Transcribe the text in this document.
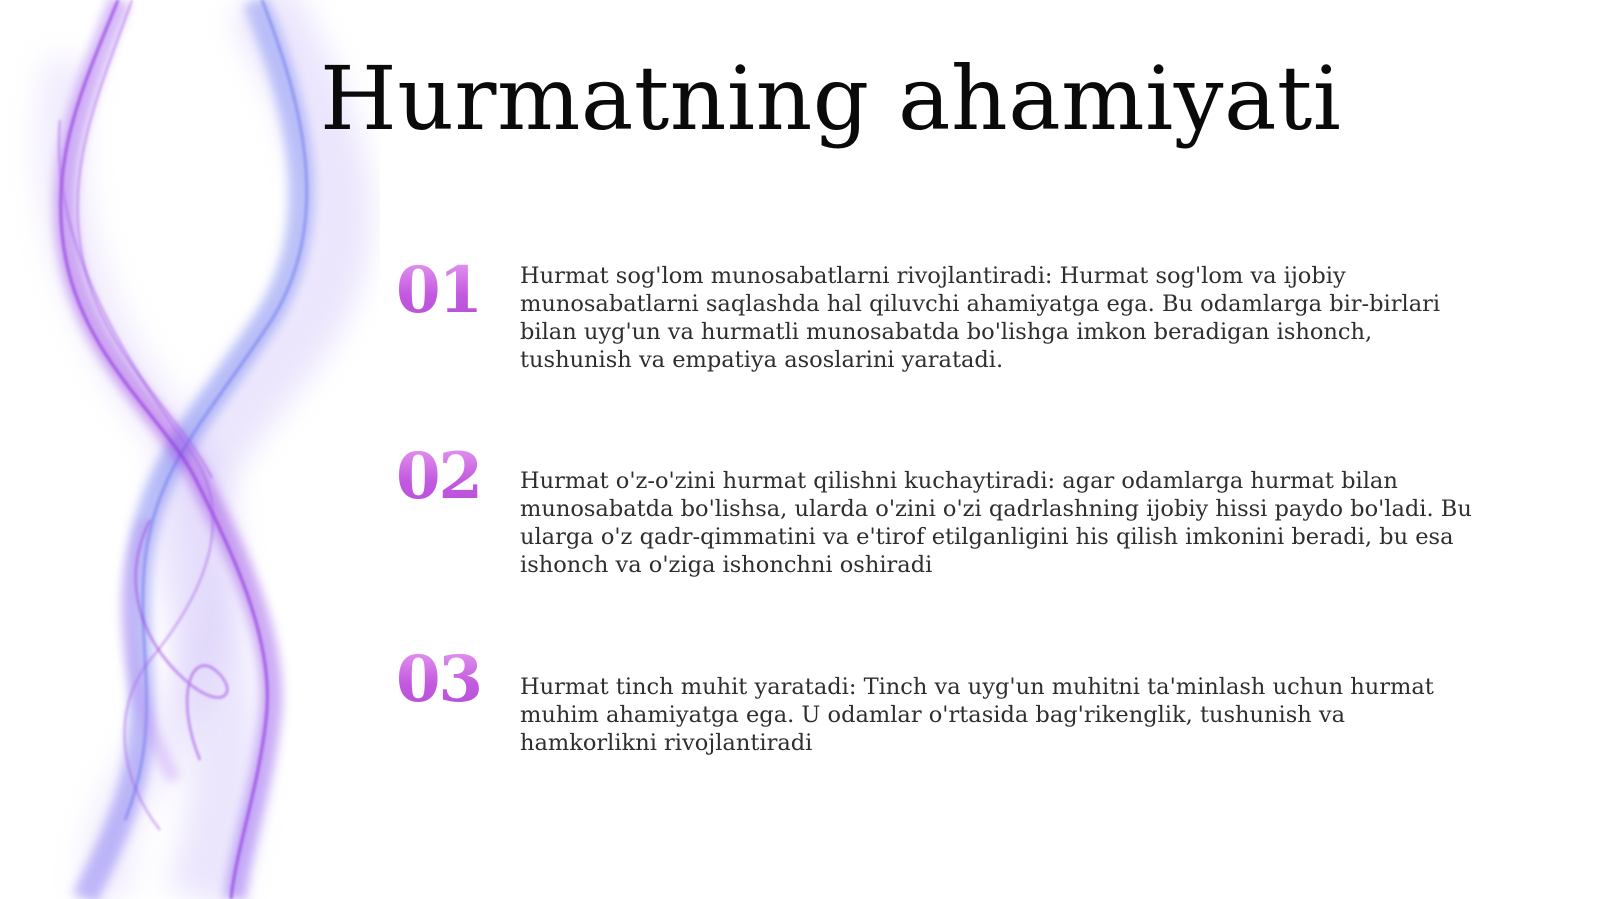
Hurmatning ahamiyati
01	Hurmat sog'lom munosabatlarni rivojlantiradi: Hurmat sog'lom va ijobiy munosabatlarni saqlashda hal qiluvchi ahamiyatga ega. Bu odamlarga bir-birlari bilan uyg'un va hurmatli munosabatda bo'lishga imkon beradigan ishonch, tushunish va empatiya asoslarini yaratadi.

02	Hurmat o'z-o'zini hurmat qilishni kuchaytiradi: agar odamlarga hurmat bilan munosabatda bo'lishsa, ularda o'zini o'zi qadrlashning ijobiy hissi paydo bo'ladi. Bu ularga o'z qadr-qimmatini va e'tirof etilganligini his qilish imkonini beradi, bu esa ishonch va o'ziga ishonchni oshiradi

03	Hurmat tinch muhit yaratadi: Tinch va uyg'un muhitni ta'minlash uchun hurmat muhim ahamiyatga ega. U odamlar o'rtasida bag'rikenglik, tushunish va hamkorlikni rivojlantiradi
